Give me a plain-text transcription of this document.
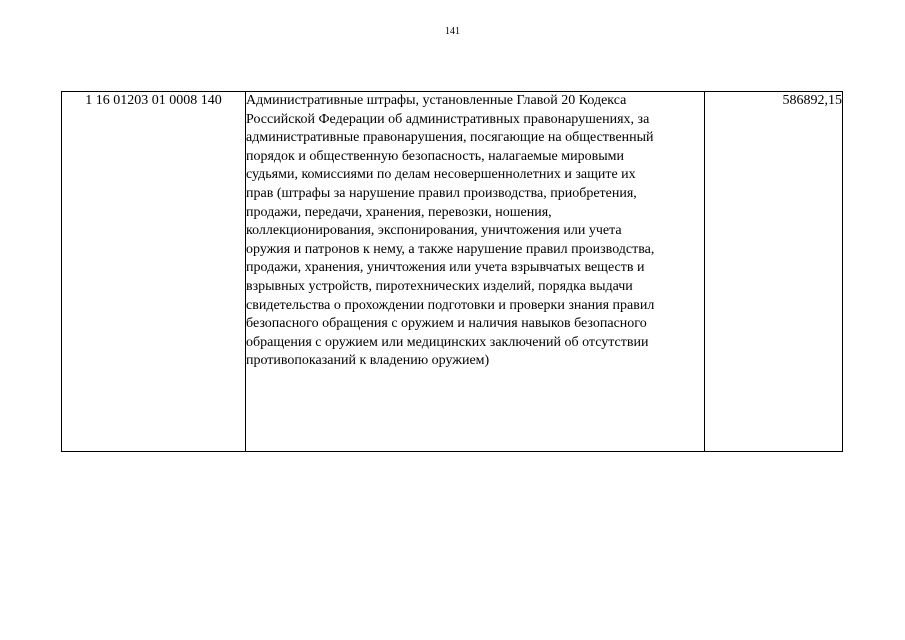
141
1 16 01203 01 0008 140	Административные штрафы, установленные Главой 20 Кодекса
Российской Федерации об административных правонарушениях, за
административные правонарушения, посягающие на общественный
порядок и общественную безопасность, налагаемые мировыми
судьями, комиссиями по делам несовершеннолетних и защите их
прав (штрафы за нарушение правил производства, приобретения,
продажи, передачи, хранения, перевозки, ношения,
коллекционирования, экспонирования, уничтожения или учета
оружия и патронов к нему, а также нарушение правил производства,
продажи, хранения, уничтожения или учета взрывчатых веществ и
взрывных устройств, пиротехнических изделий, порядка выдачи
свидетельства о прохождении подготовки и проверки знания правил
безопасного обращения с оружием и наличия навыков безопасного
обращения с оружием или медицинских заключений об отсутствии
противопоказаний к владению оружием)
	586892,15
